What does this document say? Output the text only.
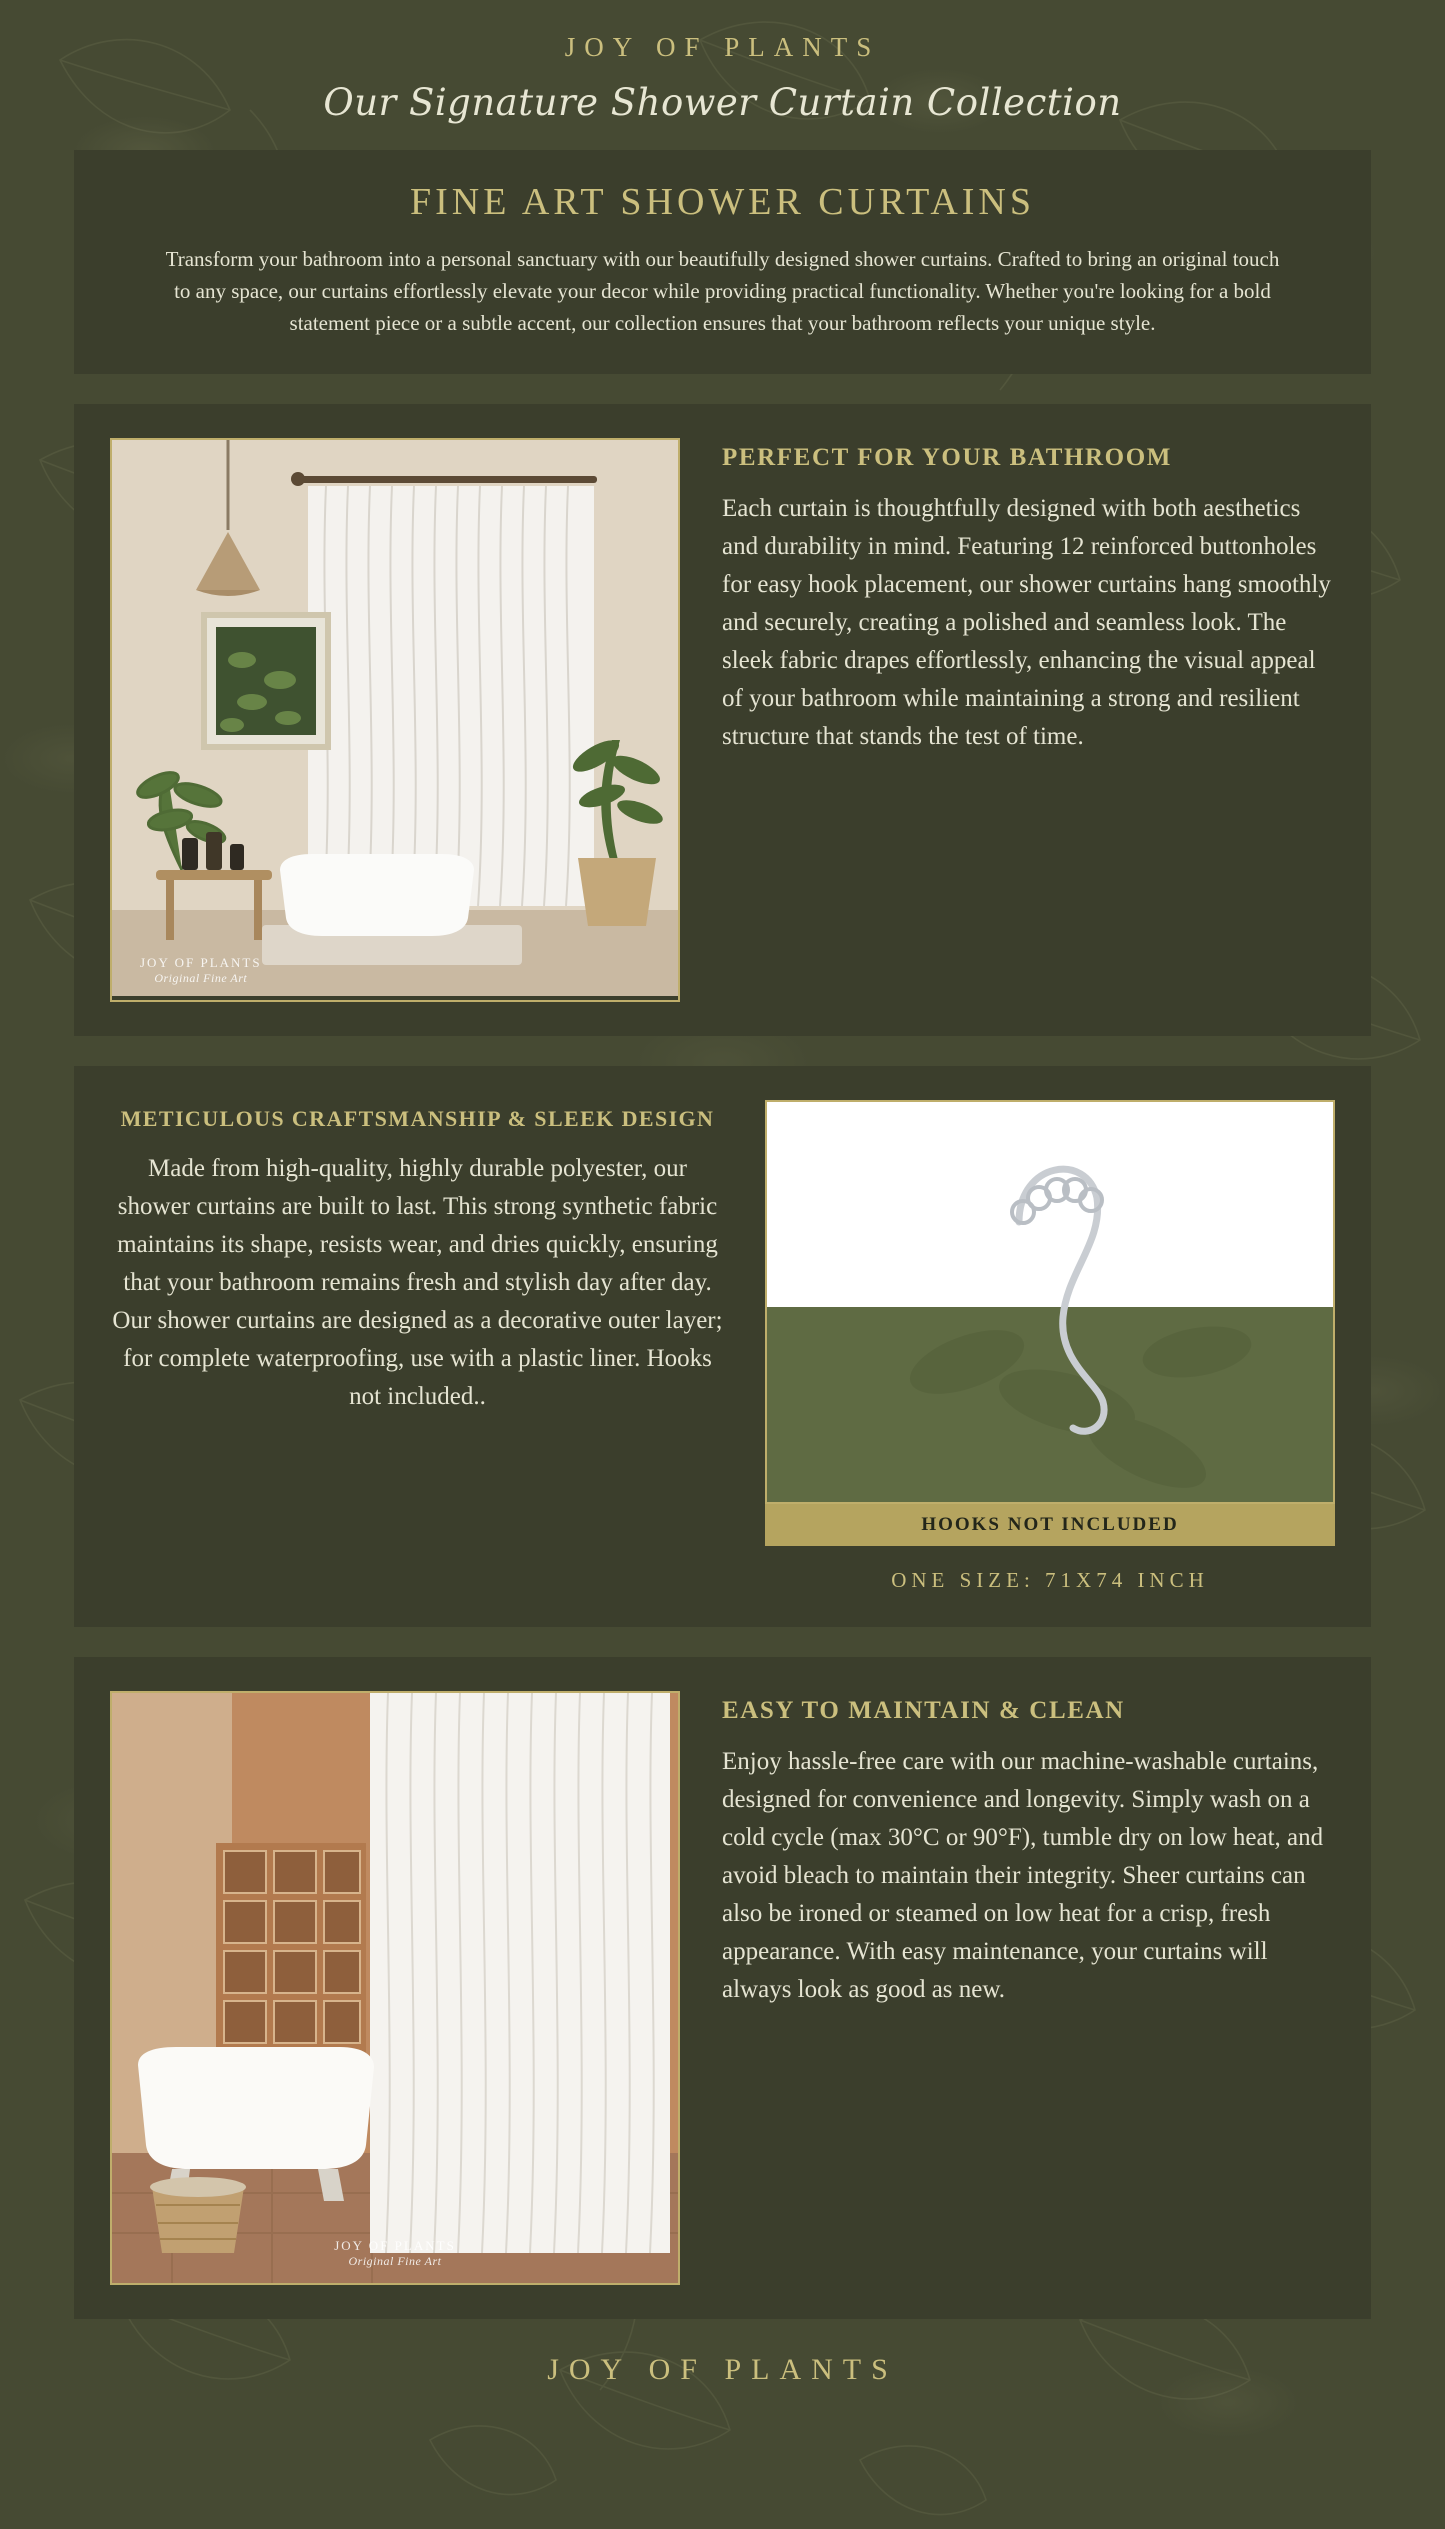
JOY OF PLANTS
Our Signature Shower Curtain Collection
FINE ART SHOWER CURTAINS
Transform your bathroom into a personal sanctuary with our beautifully designed shower curtains. Crafted to bring an original touch to any space, our curtains effortlessly elevate your decor while providing practical functionality. Whether you're looking for a bold statement piece or a subtle accent, our collection ensures that your bathroom reflects your unique style.
JOY OF PLANTS
Original Fine Art
PERFECT FOR YOUR BATHROOM
Each curtain is thoughtfully designed with both aesthetics and durability in mind. Featuring 12 reinforced buttonholes for easy hook placement, our shower curtains hang smoothly and securely, creating a polished and seamless look. The sleek fabric drapes effortlessly, enhancing the visual appeal of your bathroom while maintaining a strong and resilient structure that stands the test of time.
METICULOUS CRAFTSMANSHIP & SLEEK DESIGN
Made from high-quality, highly durable polyester, our shower curtains are built to last. This strong synthetic fabric maintains its shape, resists wear, and dries quickly, ensuring that your bathroom remains fresh and stylish day after day. Our shower curtains are designed as a decorative outer layer; for complete waterproofing, use with a plastic liner. Hooks not included..
HOOKS NOT INCLUDED
ONE SIZE: 71X74 INCH
JOY OF PLANTS
Original Fine Art
EASY TO MAINTAIN & CLEAN
Enjoy hassle-free care with our machine-washable curtains, designed for convenience and longevity. Simply wash on a cold cycle (max 30°C or 90°F), tumble dry on low heat, and avoid bleach to maintain their integrity. Sheer curtains can also be ironed or steamed on low heat for a crisp, fresh appearance. With easy maintenance, your curtains will always look as good as new.
JOY OF PLANTS
